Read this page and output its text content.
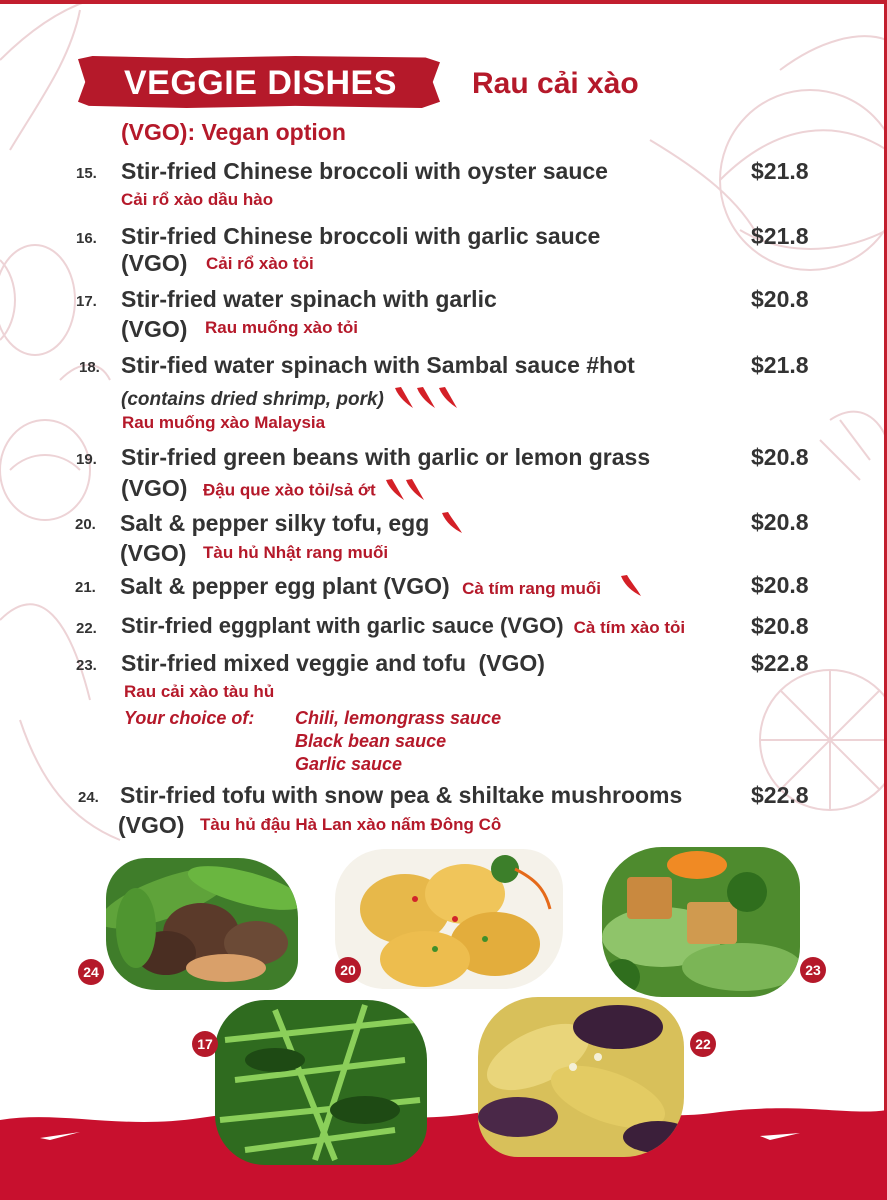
VEGGIE DISHES	Rau cải xào
(VGO): Vegan option
15. Stir-fried Chinese broccoli with oyster sauce	$21.8
Cải rổ xào dầu hào
16. Stir-fried Chinese broccoli with garlic sauce	$21.8
(VGO) Cải rổ xào tỏi
17. Stir-fried water spinach with garlic	$20.8
(VGO) Rau muống xào tỏi
18. Stir-fied water spinach with Sambal sauce #hot	$21.8
(contains dried shrimp, pork)
Rau muống xào Malaysia
19. Stir-fried green beans with garlic or lemon grass	$20.8
(VGO) Đậu que xào tỏi/sả ớt
20. Salt & pepper silky tofu, egg	$20.8
(VGO) Tàu hủ Nhật rang muối
21. Salt & pepper egg plant (VGO) Cà tím rang muối	$20.8
22. Stir-fried eggplant with garlic sauce (VGO) Cà tím xào tỏi	$20.8
23. Stir-fried mixed veggie and tofu (VGO)	$22.8
Rau cải xào tàu hủ
Your choice of: Chili, lemongrass sauce
Black bean sauce
Garlic sauce
24. Stir-fried tofu with snow pea & shiltake mushrooms	$22.8
(VGO) Tàu hủ đậu Hà Lan xào nấm Đông Cô
24	20	23
17	22
